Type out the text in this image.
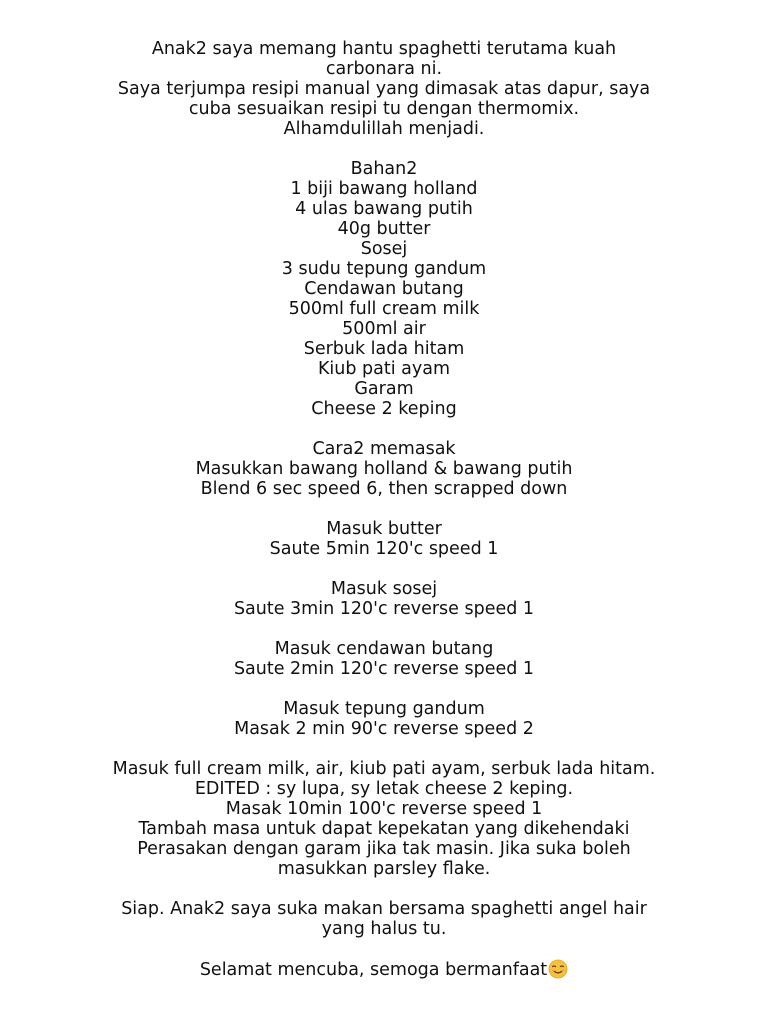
Anak2 saya memang hantu spaghetti terutama kuah
carbonara ni.
Saya terjumpa resipi manual yang dimasak atas dapur, saya
cuba sesuaikan resipi tu dengan thermomix.
Alhamdulillah menjadi.
Bahan2
1 biji bawang holland
4 ulas bawang putih
40g butter
Sosej
3 sudu tepung gandum
Cendawan butang
500ml full cream milk
500ml air
Serbuk lada hitam
Kiub pati ayam
Garam
Cheese 2 keping
Cara2 memasak
Masukkan bawang holland & bawang putih
Blend 6 sec speed 6, then scrapped down
Masuk butter
Saute 5min 120'c speed 1
Masuk sosej
Saute 3min 120'c reverse speed 1
Masuk cendawan butang
Saute 2min 120'c reverse speed 1
Masuk tepung gandum
Masak 2 min 90'c reverse speed 2
Masuk full cream milk, air, kiub pati ayam, serbuk lada hitam.
EDITED : sy lupa, sy letak cheese 2 keping.
Masak 10min 100'c reverse speed 1
Tambah masa untuk dapat kepekatan yang dikehendaki
Perasakan dengan garam jika tak masin. Jika suka boleh
masukkan parsley flake.
Siap. Anak2 saya suka makan bersama spaghetti angel hair
yang halus tu.
Selamat mencuba, semoga bermanfaat
